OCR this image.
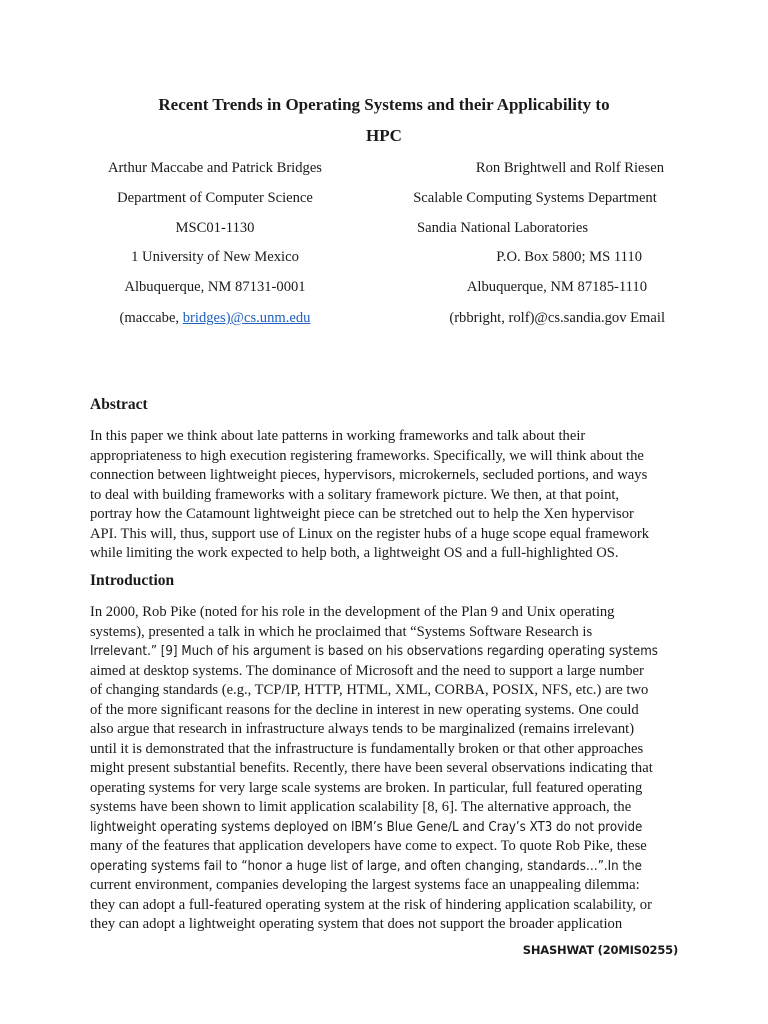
Recent Trends in Operating Systems and their Applicability to
HPC
Arthur Maccabe and Patrick Bridges
Department of Computer Science
MSC01-1130
1 University of New Mexico
Albuquerque, NM 87131-0001
(maccabe, bridges)@cs.unm.edu
Ron Brightwell and Rolf Riesen
Scalable Computing Systems Department
Sandia National Laboratories
P.O. Box 5800; MS 1110
Albuquerque, NM 87185-1110
(rbbright, rolf)@cs.sandia.gov Email
Abstract
In this paper we think about late patterns in working frameworks and talk about their
appropriateness to high execution registering frameworks. Specifically, we will think about the
connection between lightweight pieces, hypervisors, microkernels, secluded portions, and ways
to deal with building frameworks with a solitary framework picture. We then, at that point,
portray how the Catamount lightweight piece can be stretched out to help the Xen hypervisor
API. This will, thus, support use of Linux on the register hubs of a huge scope equal framework
while limiting the work expected to help both, a lightweight OS and a full-highlighted OS.
Introduction
In 2000, Rob Pike (noted for his role in the development of the Plan 9 and Unix operating
systems), presented a talk in which he proclaimed that “Systems Software Research is
Irrelevant.” [9] Much of his argument is based on his observations regarding operating systems
aimed at desktop systems. The dominance of Microsoft and the need to support a large number
of changing standards (e.g., TCP/IP, HTTP, HTML, XML, CORBA, POSIX, NFS, etc.) are two
of the more significant reasons for the decline in interest in new operating systems. One could
also argue that research in infrastructure always tends to be marginalized (remains irrelevant)
until it is demonstrated that the infrastructure is fundamentally broken or that other approaches
might present substantial benefits. Recently, there have been several observations indicating that
operating systems for very large scale systems are broken. In particular, full featured operating
systems have been shown to limit application scalability [8, 6]. The alternative approach, the
lightweight operating systems deployed on IBM’s Blue Gene/L and Cray’s XT3 do not provide
many of the features that application developers have come to expect. To quote Rob Pike, these
operating systems fail to “honor a huge list of large, and often changing, standards…”.In the
current environment, companies developing the largest systems face an unappealing dilemma:
they can adopt a full-featured operating system at the risk of hindering application scalability, or
they can adopt a lightweight operating system that does not support the broader application
SHASHWAT (20MIS0255)
